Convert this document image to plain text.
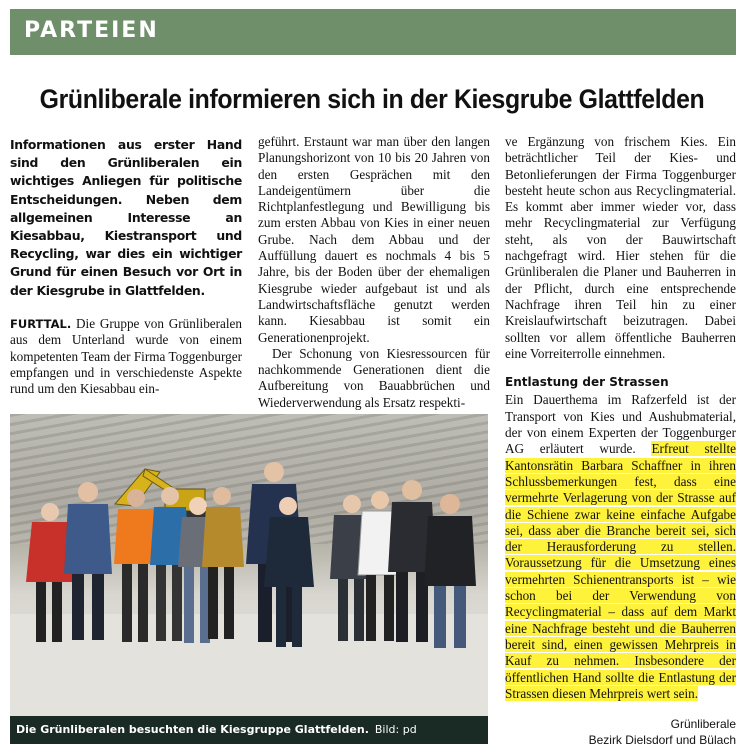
PARTEIEN
Grünliberale informieren sich in der Kiesgrube Glattfelden
Informationen aus erster Hand sind den Grünliberalen ein wichtiges Anliegen für politische Entscheidungen. Neben dem allgemeinen Interesse an Kiesabbau, Kiestransport und Recycling, war dies ein wichtiger Grund für einen Besuch vor Ort in der Kiesgrube in Glattfelden.

FURTTAL. Die Gruppe von Grünliberalen aus dem Unterland wurde von einem kompetenten Team der Firma Toggenburger empfangen und in verschiedenste Aspekte rund um den Kiesabbau ein-

geführt. Erstaunt war man über den langen Planungshorizont von 10 bis 20 Jahren von den ersten Gesprächen mit den Landeigentümern über die Richtplanfestlegung und Bewilligung bis zum ersten Abbau von Kies in einer neuen Grube. Nach dem Abbau und der Auffüllung dauert es nochmals 4 bis 5 Jahre, bis der Boden über der ehemaligen Kiesgrube wieder aufgebaut ist und als Landwirtschaftsfläche genutzt werden kann. Kiesabbau ist somit ein Generationenprojekt.

Der Schonung von Kiesressourcen für nachkommende Generationen dient die Aufbereitung von Bauabbrüchen und Wiederverwendung als Ersatz respekti-

ve Ergänzung von frischem Kies. Ein beträchtlicher Teil der Kies- und Betonlieferungen der Firma Toggenburger besteht heute schon aus Recyclingmaterial. Es kommt aber immer wieder vor, dass mehr Recyclingmaterial zur Verfügung steht, als von der Bauwirtschaft nachgefragt wird. Hier stehen für die Grünliberalen die Planer und Bauherren in der Pflicht, durch eine entsprechende Nachfrage ihren Teil hin zu einer Kreislaufwirtschaft beizutragen. Dabei sollten vor allem öffentliche Bauherren eine Vorreiterrolle einnehmen.

Entlastung der Strassen

Ein Dauerthema im Rafzerfeld ist der Transport von Kies und Aushubmaterial, der von einem Experten der Toggenburger AG erläutert wurde. Erfreut stellte Kantonsrätin Barbara Schaffner in ihren Schlussbemerkungen fest, dass eine vermehrte Verlagerung von der Strasse auf die Schiene zwar keine einfache Aufgabe sei, dass aber die Branche bereit sei, sich der Herausforderung zu stellen. Voraussetzung für die Umsetzung eines vermehrten Schienentransports ist – wie schon bei der Verwendung von Recyclingmaterial – dass auf dem Markt eine Nachfrage besteht und die Bauherren bereit sind, einen gewissen Mehrpreis in Kauf zu nehmen. Insbesondere der öffentlichen Hand sollte die Entlastung der Strassen diesen Mehrpreis wert sein.

Die Grünliberalen besuchten die Kiesgruppe Glattfelden. Bild: pd	Grünliberale
Bezirk Dielsdorf und Bülach
